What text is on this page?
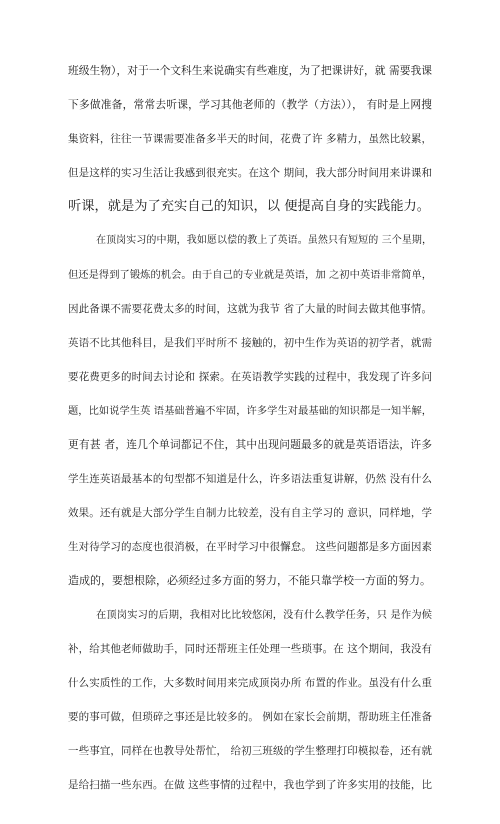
班级生物），对于一个文科生来说确实有些难度，为了把课讲好，就 需要我课
下多做准备，常常去听课，学习其他老师的（教学（方法））， 有时是上网搜
集资料，往往一节课需要准备多半天的时间，花费了许 多精力，虽然比较累，
但是这样的实习生活让我感到很充实。在这个 期间，我大部分时间用来讲课和
听课，就是为了充实自己的知识，以 便提高自身的实践能力。
在顶岗实习的中期，我如愿以偿的教上了英语。虽然只有短短的 三个星期，
但还是得到了锻炼的机会。由于自己的专业就是英语，加 之初中英语非常简单，
因此备课不需要花费太多的时间，这就为我节 省了大量的时间去做其他事情。
英语不比其他科目，是我们平时所不 接触的，初中生作为英语的初学者，就需
要花费更多的时间去讨论和 探索。在英语教学实践的过程中，我发现了许多问
题，比如说学生英 语基础普遍不牢固，许多学生对最基础的知识都是一知半解，
更有甚 者，连几个单词都记不住，其中出现问题最多的就是英语语法，许多
学生连英语最基本的句型都不知道是什么，许多语法重复讲解，仍然 没有什么
效果。还有就是大部分学生自制力比较差，没有自主学习的 意识，同样地，学
生对待学习的态度也很消极，在平时学习中很懈怠。 这些问题都是多方面因素
造成的，要想根除，必须经过多方面的努力，不能只靠学校一方面的努力。
在顶岗实习的后期，我相对比比较悠闲，没有什么教学任务，只 是作为候
补，给其他老师做助手，同时还帮班主任处理一些琐事。在 这个期间，我没有
什么实质性的工作，大多数时间用来完成顶岗办所 布置的作业。虽没有什么重
要的事可做，但琐碎之事还是比较多的。 例如在家长会前期，帮助班主任准备
一些事宜，同样在也教导处帮忙， 给初三班级的学生整理打印模拟卷，还有就
是给扫描一些东西。在做 这些事情的过程中，我也学到了许多实用的技能，比
